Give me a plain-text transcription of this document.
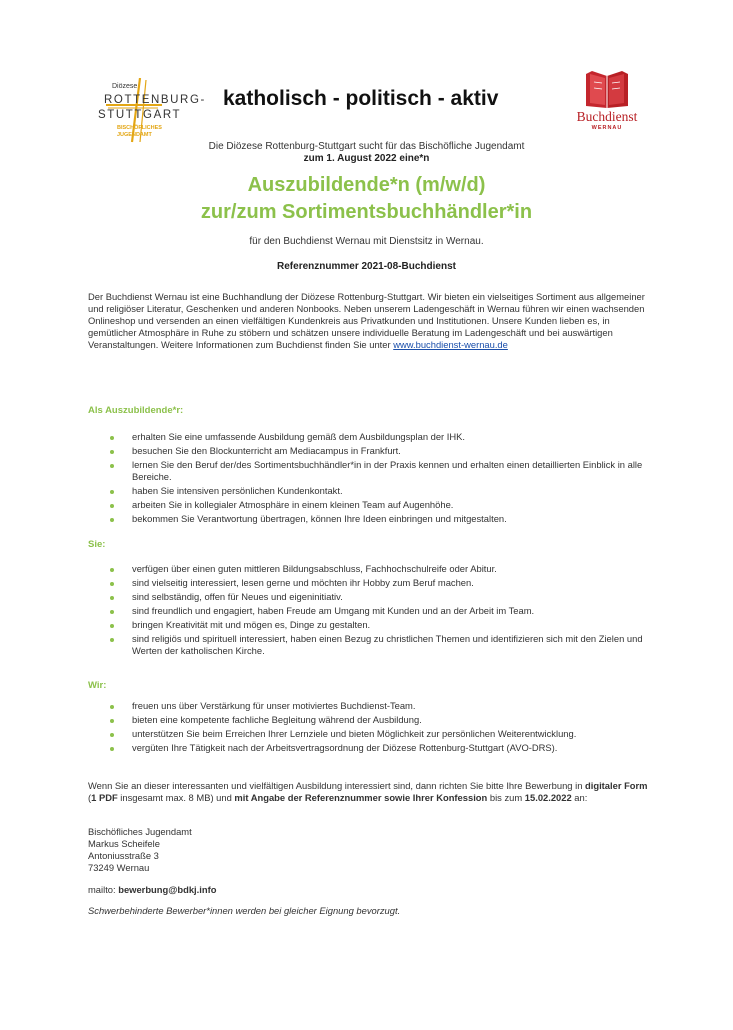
Diözese
ROTTENBURG-
STUTTGART
BISCHÖFLICHES
JUGENDAMT
katholisch - politisch - aktiv
Buchdienst
WERNAU
Die Diözese Rottenburg-Stuttgart sucht für das Bischöfliche Jugendamt
zum 1. August 2022 eine*n
Auszubildende*n (m/w/d)
zur/zum Sortimentsbuchhändler*in
für den Buchdienst Wernau mit Dienstsitz in Wernau.
Referenznummer 2021-08-Buchdienst
Der Buchdienst Wernau ist eine Buchhandlung der Diözese Rottenburg-Stuttgart. Wir bieten ein vielseitiges Sortiment aus allgemeiner und religiöser Literatur, Geschenken und anderen Nonbooks. Neben unserem Ladengeschäft in Wernau führen wir einen wachsenden Onlineshop und versenden an einen vielfältigen Kundenkreis aus Privatkunden und Institutionen. Unsere Kunden lieben es, in gemütlicher Atmosphäre in Ruhe zu stöbern und schätzen unsere individuelle Beratung im Ladengeschäft und bei auswärtigen Veranstaltungen. Weitere Informationen zum Buchdienst finden Sie unter www.buchdienst-wernau.de
Als Auszubildende*r:
erhalten Sie eine umfassende Ausbildung gemäß dem Ausbildungsplan der IHK.
besuchen Sie den Blockunterricht am Mediacampus in Frankfurt.
lernen Sie den Beruf der/des Sortimentsbuchhändler*in in der Praxis kennen und erhalten einen detaillierten Einblick in alle Bereiche.
haben Sie intensiven persönlichen Kundenkontakt.
arbeiten Sie in kollegialer Atmosphäre in einem kleinen Team auf Augenhöhe.
bekommen Sie Verantwortung übertragen, können Ihre Ideen einbringen und mitgestalten.
Sie:
verfügen über einen guten mittleren Bildungsabschluss, Fachhochschulreife oder Abitur.
sind vielseitig interessiert, lesen gerne und möchten ihr Hobby zum Beruf machen.
sind selbständig, offen für Neues und eigeninitiativ.
sind freundlich und engagiert, haben Freude am Umgang mit Kunden und an der Arbeit im Team.
bringen Kreativität mit und mögen es, Dinge zu gestalten.
sind religiös und spirituell interessiert, haben einen Bezug zu christlichen Themen und identifizieren sich mit den Zielen und Werten der katholischen Kirche.
Wir:
freuen uns über Verstärkung für unser motiviertes Buchdienst-Team.
bieten eine kompetente fachliche Begleitung während der Ausbildung.
unterstützen Sie beim Erreichen Ihrer Lernziele und bieten Möglichkeit zur persönlichen Weiterentwicklung.
vergüten Ihre Tätigkeit nach der Arbeitsvertragsordnung der Diözese Rottenburg-Stuttgart (AVO-DRS).
Wenn Sie an dieser interessanten und vielfältigen Ausbildung interessiert sind, dann richten Sie bitte Ihre Bewerbung in digitaler Form (1 PDF insgesamt max. 8 MB) und mit Angabe der Referenznummer sowie Ihrer Konfession bis zum 15.02.2022 an:
Bischöfliches Jugendamt
Markus Scheifele
Antoniusstraße 3
73249 Wernau
mailto: bewerbung@bdkj.info
Schwerbehinderte Bewerber*innen werden bei gleicher Eignung bevorzugt.
